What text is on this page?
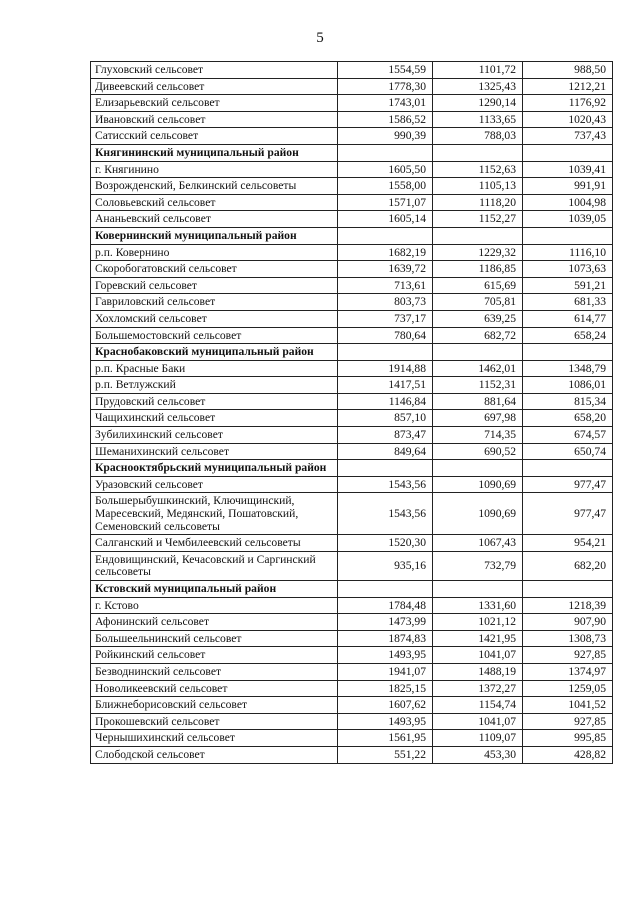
5
Глуховский сельсовет	1554,59	1101,72	988,50
Дивеевский сельсовет	1778,30	1325,43	1212,21
Елизарьевский сельсовет	1743,01	1290,14	1176,92
Ивановский сельсовет	1586,52	1133,65	1020,43
Сатисский сельсовет	990,39	788,03	737,43
Княгининский муниципальный район			
г. Княгинино	1605,50	1152,63	1039,41
Возрожденский, Белкинский сельсоветы	1558,00	1105,13	991,91
Соловьевский сельсовет	1571,07	1118,20	1004,98
Ананьевский сельсовет	1605,14	1152,27	1039,05
Ковернинский муниципальный район			
р.п. Ковернино	1682,19	1229,32	1116,10
Скоробогатовский сельсовет	1639,72	1186,85	1073,63
Горевский сельсовет	713,61	615,69	591,21
Гавриловский сельсовет	803,73	705,81	681,33
Хохломский сельсовет	737,17	639,25	614,77
Большемостовский сельсовет	780,64	682,72	658,24
Краснобаковский муниципальный район			
р.п. Красные Баки	1914,88	1462,01	1348,79
р.п. Ветлужский	1417,51	1152,31	1086,01
Прудовский сельсовет	1146,84	881,64	815,34
Чащихинский сельсовет	857,10	697,98	658,20
Зубилихинский сельсовет	873,47	714,35	674,57
Шеманихинский сельсовет	849,64	690,52	650,74
Краснооктябрьский муниципальный район			
Уразовский сельсовет	1543,56	1090,69	977,47
Большерыбушкинский, Ключищинский, Маресевский, Медянский, Пошатовский, Семеновский сельсоветы	1543,56	1090,69	977,47
Салганский и Чембилеевский сельсоветы	1520,30	1067,43	954,21
Ендовищинский, Кечасовский и Саргинский сельсоветы	935,16	732,79	682,20
Кстовский муниципальный район			
г. Кстово	1784,48	1331,60	1218,39
Афонинский сельсовет	1473,99	1021,12	907,90
Большеельнинский сельсовет	1874,83	1421,95	1308,73
Ройкинский сельсовет	1493,95	1041,07	927,85
Безводнинский сельсовет	1941,07	1488,19	1374,97
Новоликеевский сельсовет	1825,15	1372,27	1259,05
Ближнеборисовский сельсовет	1607,62	1154,74	1041,52
Прокошевский сельсовет	1493,95	1041,07	927,85
Чернышихинский сельсовет	1561,95	1109,07	995,85
Слободской сельсовет	551,22	453,30	428,82
